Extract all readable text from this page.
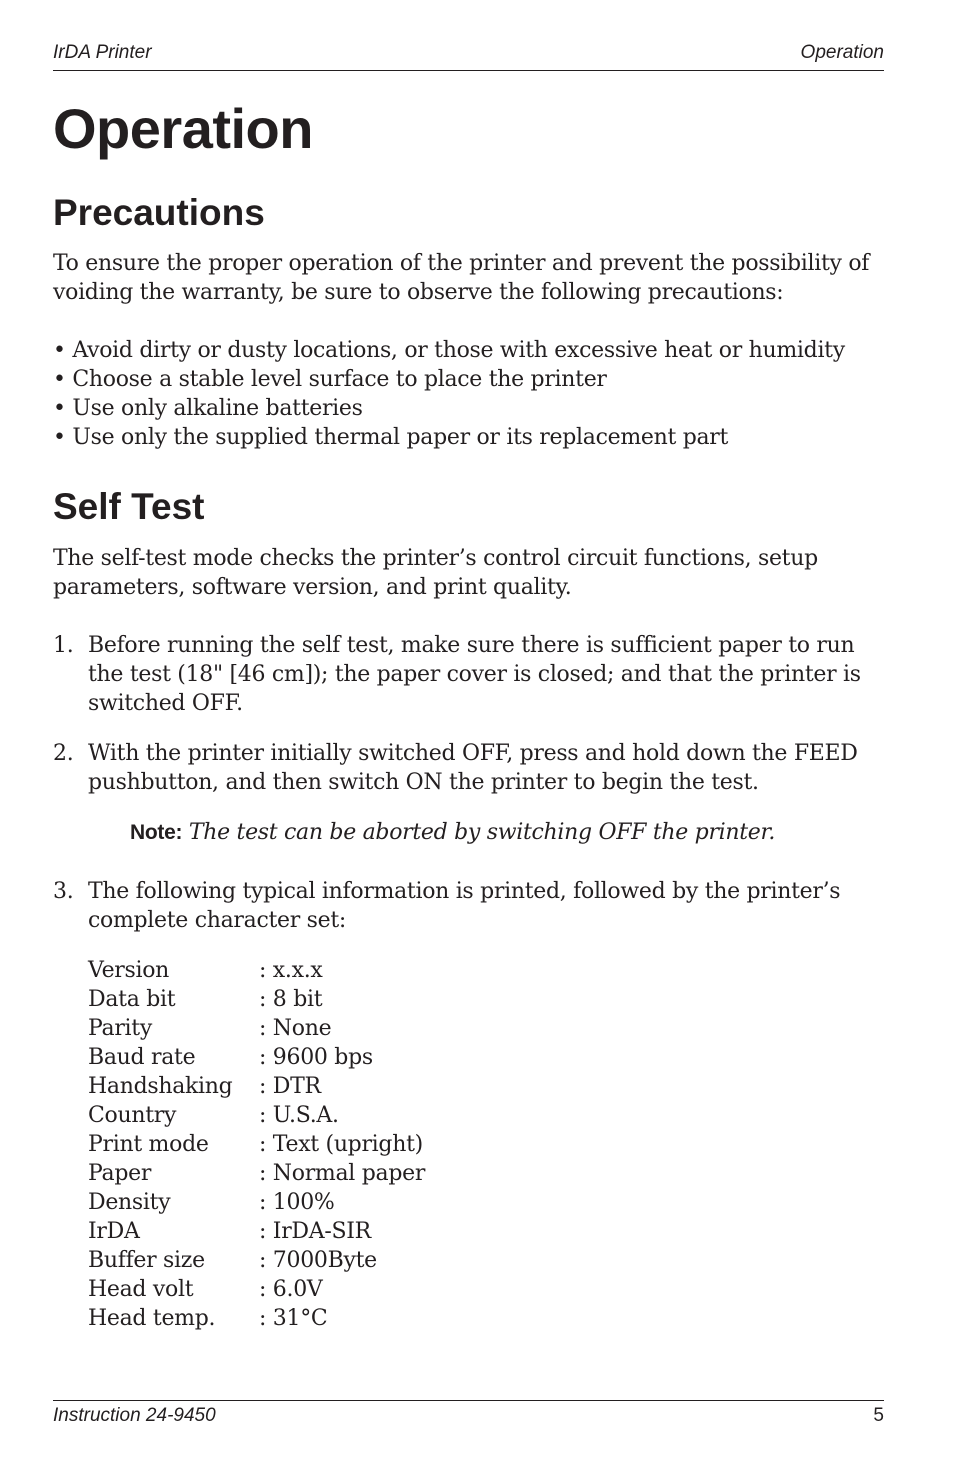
IrDA Printer	Operation
Operation
Precautions

To ensure the proper operation of the printer and prevent the possibility of voiding the warranty, be sure to observe the following precautions:

• Avoid dirty or dusty locations, or those with excessive heat or humidity
• Choose a stable level surface to place the printer
• Use only alkaline batteries
• Use only the supplied thermal paper or its replacement part
Self Test

The self-test mode checks the printer’s control circuit functions, setup parameters, software version, and print quality.

1. Before running the self test, make sure there is sufficient paper to run the test (18" [46 cm]); the paper cover is closed; and that the printer is switched OFF.
2. With the printer initially switched OFF, press and hold down the FEED pushbutton, and then switch ON the printer to begin the test.
Note: The test can be aborted by switching OFF the printer.
3. The following typical information is printed, followed by the printer’s complete character set:
Version	: x.x.x
Data bit	: 8 bit
Parity	: None
Baud rate	: 9600 bps
Handshaking : DTR
Country	: U.S.A.
Print mode : Text (upright)
Paper	: Normal paper
Density	: 100%
IrDA	: IrDA-SIR
Buffer size : 7000Byte
Head volt	: 6.0V
Head temp. : 31°C
Instruction 24-9450	5
